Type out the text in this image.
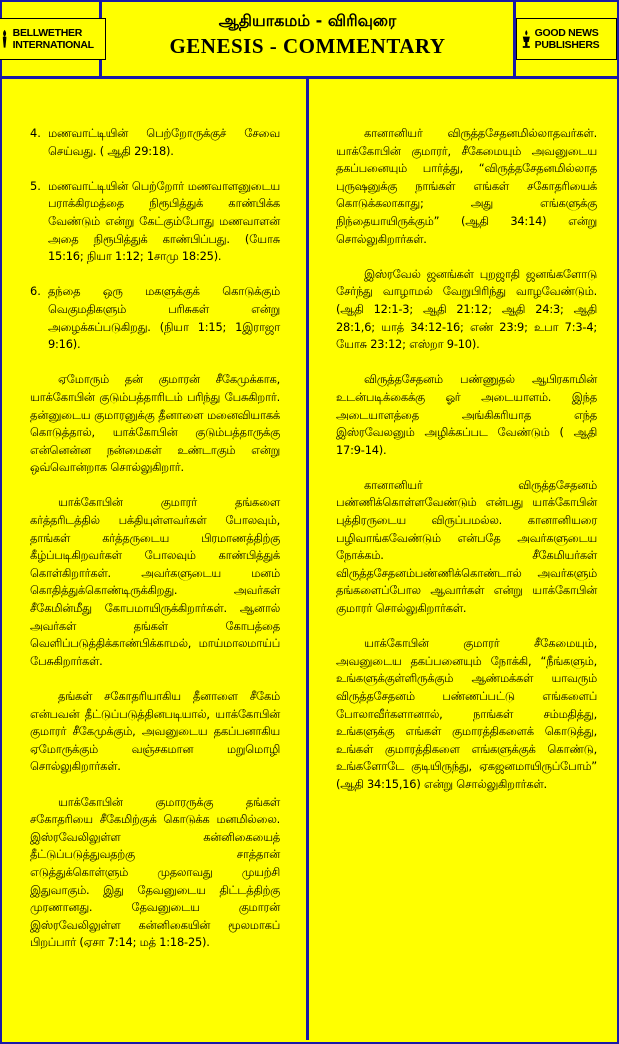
BELLWETHER INTERNATIONAL
ஆதியாகமம் - விரிவுரை
GENESIS - COMMENTARY
GOOD NEWS PUBLISHERS
4. மணவாட்டியின் பெற்றோருக்குச் சேவை செய்வது. ( ஆதி 29:18).

5. மணவாட்டியின் பெற்றோர் மணவாளனுடைய பராக்கிரமத்தை நிரூபித்துக் காண்பிக்க வேண்டும் என்று கேட்கும்போது மணவாளன் அதை நிரூபித்துக் காண்பிப்பது. (யோசு 15:16; நியா 1:12; 1சாமு 18:25).

6. தந்தை ஒரு மகளுக்குக் கொடுக்கும் வெகுமதிகளும் பரிசுகள் என்று அழைக்கப்படுகிறது. (நியா 1:15; 1இராஜா 9:16).

ஏமோரும் தன் குமாரன் சீகேமுக்காக, யாக்கோபின் குடும்பத்தாரிடம் பரிந்து பேசுகிறார். தன்னுடைய குமாரனுக்கு தீனாளை மனைவியாகக் கொடுத்தால், யாக்கோபின் குடும்பத்தாருக்கு என்னென்ன நன்மைகள் உண்டாகும் என்று ஒவ்வொன்றாக சொல்லுகிறார்.

யாக்கோபின் குமாரர் தங்களை கர்த்தரிடத்தில் பக்தியுள்ளவர்கள் போலவும், தாங்கள் கர்த்தருடைய பிரமாணத்திற்கு கீழ்ப்படிகிறவர்கள் போலவும் காண்பித்துக் கொள்கிறார்கள். அவர்களுடைய மனம் கொதித்துக்கொண்டிருக்கிறது. அவர்கள் சீகேமின்மீது கோபமாயிருக்கிறார்கள். ஆனால் அவர்கள் தங்கள் கோபத்தை வெளிப்படுத்திக்காண்பிக்காமல், மாய்மாலமாய்ப் பேசுகிறார்கள்.

தங்கள் சகோதரியாகிய தீனாளை சீகேம் என்பவன் தீட்டுப்படுத்தினபடியால், யாக்கோபின் குமாரர் சீகேமுக்கும், அவனுடைய தகப்பனாகிய ஏமோருக்கும் வஞ்சகமான மறுமொழி சொல்லுகிறார்கள்.

யாக்கோபின் குமாரருக்கு தங்கள் சகோதரியை சீகேமிற்குக் கொடுக்க மனமில்லை. இஸ்ரவேலிலுள்ள கன்னிகையைத் தீட்டுப்படுத்துவதற்கு சாத்தான் எடுத்துக்கொள்ளும் முதலாவது முயற்சி இதுவாகும். இது தேவனுடைய திட்டத்திற்கு முரணானது. தேவனுடைய குமாரன் இஸ்ரவேலிலுள்ள கன்னிகையின் மூலமாகப் பிறப்பார் (ஏசா 7:14; மத் 1:18-25).

கானானியர் விருத்தசேதனமில்லாதவர்கள். யாக்கோபின் குமாரர், சீகேமையும் அவனுடைய தகப்பனையும் பார்த்து, “விருத்தசேதனமில்லாத புருஷனுக்கு நாங்கள் எங்கள் சகோதரியைக் கொடுக்கலாகாது; அது எங்களுக்கு நிந்தையாயிருக்கும்” (ஆதி 34:14) என்று சொல்லுகிறார்கள்.

இஸ்ரவேல் ஜனங்கள் புறஜாதி ஜனங்களோடு சேர்ந்து வாழாமல் வேறுபிரிந்து வாழவேண்டும். (ஆதி 12:1-3; ஆதி 21:12; ஆதி 24:3; ஆதி 28:1,6; யாத் 34:12-16; எண் 23:9; உபா 7:3-4; யோசு 23:12; எஸ்றா 9-10).

விருத்தசேதனம் பண்ணுதல் ஆபிரகாமின் உடன்படிக்கைக்கு ஓர் அடையாளம். இந்த அடையாளத்தை அங்கிகரியாத எந்த இஸ்ரவேலனும் அழிக்கப்பட வேண்டும் ( ஆதி 17:9-14).

கானானியர் விருத்தசேதனம் பண்ணிக்கொள்ளவேண்டும் என்பது யாக்கோபின் புத்திரருடைய விருப்பமல்ல. கானானியரை பழிவாங்கவேண்டும் என்பதே அவர்களுடைய நோக்கம். சீகேமியர்கள் விருத்தசேதனம்பண்ணிக்கொண்டால் அவர்களும் தங்களைப்போல ஆவார்கள் என்று யாக்கோபின் குமாரர் சொல்லுகிறார்கள்.

யாக்கோபின் குமாரர் சீகேமையும், அவனுடைய தகப்பனையும் நோக்கி, “நீங்களும், உங்களுக்குள்ளிருக்கும் ஆண்மக்கள் யாவரும் விருத்தசேதனம் பண்ணப்பட்டு எங்களைப் போலாவீர்களானால், நாங்கள் சம்மதித்து, உங்களுக்கு எங்கள் குமாரத்திகளைக் கொடுத்து, உங்கள் குமாரத்திகளை எங்களுக்குக் கொண்டு, உங்களோடே குடியிருந்து, ஏகஜனமாயிருப்போம்” (ஆதி 34:15,16) என்று சொல்லுகிறார்கள்.
